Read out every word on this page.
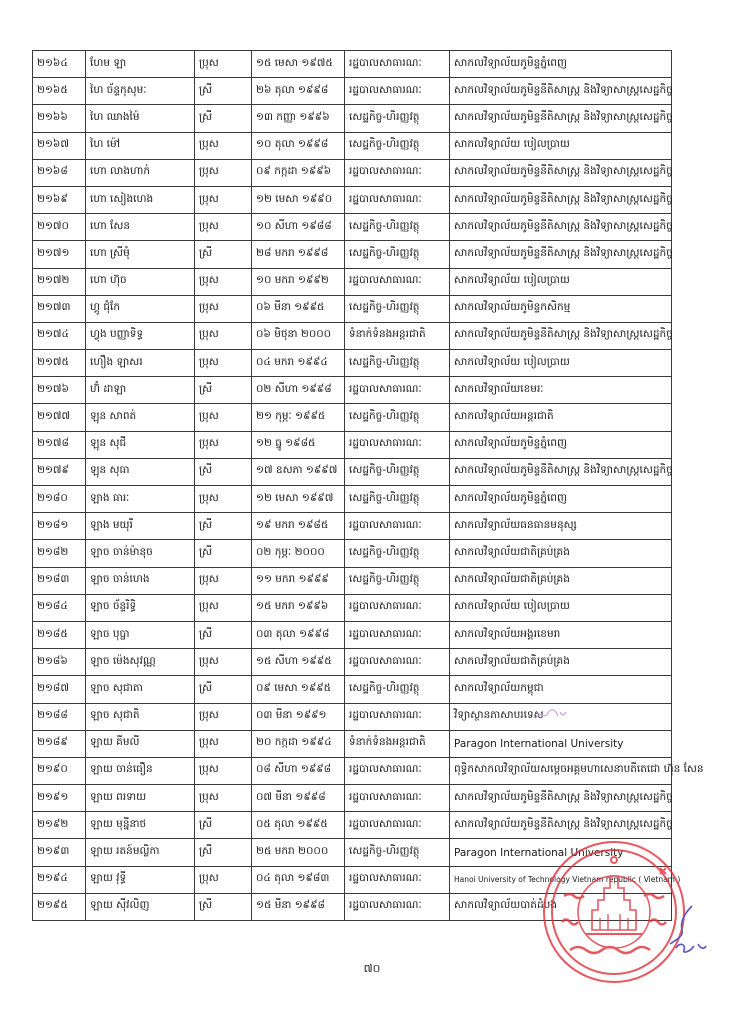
២១៦៤	ហែម ឡា	ប្រុស	១៥ មេសា ១៩៧៥	រដ្ឋបាលសាធារណៈ	សាកលវិទ្យាល័យភូមិន្ទភ្នំពេញ
២១៦៥	ហៃ ច័ន្ទកុសុមៈ	ស្រី	២៦ តុលា ១៩៩៨	រដ្ឋបាលសាធារណៈ	សាកលវិទ្យាល័យភូមិន្ទនីតិសាស្ត្រ និងវិទ្យាសាស្ត្រសេដ្ឋកិច្ច
២១៦៦	ហៃ ឈាងម៉ៃ	ស្រី	១៣ កញ្ញា ១៩៩៦	សេដ្ឋកិច្ច-ហិរញ្ញវត្ថុ	សាកលវិទ្យាល័យភូមិន្ទនីតិសាស្ត្រ និងវិទ្យាសាស្ត្រសេដ្ឋកិច្ច
២១៦៧	ហៃ ម៉ៅ	ប្រុស	១០ តុលា ១៩៩៨	សេដ្ឋកិច្ច-ហិរញ្ញវត្ថុ	សាកលវិទ្យាល័យ បៀលប្រាយ
២១៦៨	ហោ លាងហាក់	ប្រុស	០៩ កក្កដា ១៩៩៦	រដ្ឋបាលសាធារណៈ	សាកលវិទ្យាល័យភូមិន្ទនីតិសាស្ត្រ និងវិទ្យាសាស្ត្រសេដ្ឋកិច្ច
២១៦៩	ហោ សៀងហេង	ប្រុស	១២ មេសា ១៩៩០	រដ្ឋបាលសាធារណៈ	សាកលវិទ្យាល័យភូមិន្ទនីតិសាស្ត្រ និងវិទ្យាសាស្ត្រសេដ្ឋកិច្ច
២១៧០	ហោ សែន	ប្រុស	១០ សីហា ១៩៨៨	សេដ្ឋកិច្ច-ហិរញ្ញវត្ថុ	សាកលវិទ្យាល័យភូមិន្ទនីតិសាស្ត្រ និងវិទ្យាសាស្ត្រសេដ្ឋកិច្ច
២១៧១	ហោ ស្រីមុំ	ស្រី	២៨ មករា ១៩៩៨	សេដ្ឋកិច្ច-ហិរញ្ញវត្ថុ	សាកលវិទ្យាល័យភូមិន្ទនីតិសាស្ត្រ និងវិទ្យាសាស្ត្រសេដ្ឋកិច្ច
២១៧២	ហោ ហ៊ុច	ប្រុស	១០ មករា ១៩៩២	រដ្ឋបាលសាធារណៈ	សាកលវិទ្យាល័យ បៀលប្រាយ
២១៧៣	ហ្គូ ជុំកែ	ប្រុស	០៦ មីនា ១៩៩៥	សេដ្ឋកិច្ច-ហិរញ្ញវត្ថុ	សាកលវិទ្យាល័យភូមិន្ទកសិកម្ម
២១៧៤	ហ្វុង បញ្ញាទិទ្ធ	ប្រុស	០៦ មិថុនា ២០០០	ទំនាក់ទំនងអន្តរជាតិ	សាកលវិទ្យាល័យភូមិន្ទនីតិសាស្ត្រ និងវិទ្យាសាស្ត្រសេដ្ឋកិច្ច
២១៧៥	ហឿង ឡាសរ	ប្រុស	០៤ មករា ១៩៩៤	សេដ្ឋកិច្ច-ហិរញ្ញវត្ថុ	សាកលវិទ្យាល័យ បៀលប្រាយ
២១៧៦	ហ៊ំ ដាឡា	ស្រី	០២ សីហា ១៩៩៨	រដ្ឋបាលសាធារណៈ	សាកលវិទ្យាល័យខេមរៈ
២១៧៧	ឡុន សាពត់	ប្រុស	២១ កុម្ភៈ ១៩៩៥	សេដ្ឋកិច្ច-ហិរញ្ញវត្ថុ	សាកលវិទ្យាល័យអន្តរជាតិ
២១៧៨	ឡុន សុជី	ប្រុស	១២ ធ្នូ ១៩៨៥	រដ្ឋបាលសាធារណៈ	សាកលវិទ្យាល័យភូមិន្ទភ្នំពេញ
២១៧៩	ឡុន សុធា	ស្រី	១៧ ឧសភា ១៩៩៧	សេដ្ឋកិច្ច-ហិរញ្ញវត្ថុ	សាកលវិទ្យាល័យភូមិន្ទនីតិសាស្ត្រ និងវិទ្យាសាស្ត្រសេដ្ឋកិច្ច
២១៨០	ឡាង ធារៈ	ប្រុស	១២ មេសា ១៩៩៧	សេដ្ឋកិច្ច-ហិរញ្ញវត្ថុ	សាកលវិទ្យាល័យភូមិន្ទភ្នំពេញ
២១៨១	ឡាង មយុរី	ស្រី	១៩ មករា ១៩៨៥	រដ្ឋបាលសាធារណៈ	សាកលវិទ្យាល័យធនធានមនុស្ស
២១៨២	ឡាច ចាន់ម៉ានុច	ស្រី	០២ កុម្ភៈ ២០០០	សេដ្ឋកិច្ច-ហិរញ្ញវត្ថុ	សាកលវិទ្យាល័យជាតិគ្រប់គ្រង
២១៨៣	ឡាច ចាន់ហេង	ប្រុស	១១ មករា ១៩៩៩	សេដ្ឋកិច្ច-ហិរញ្ញវត្ថុ	សាកលវិទ្យាល័យជាតិគ្រប់គ្រង
២១៨៤	ឡាច ច័ន្ទរិទ្ធិ	ប្រុស	១៥ មករា ១៩៩៦	រដ្ឋបាលសាធារណៈ	សាកលវិទ្យាល័យ បៀលប្រាយ
២១៨៥	ឡាច បុប្ផា	ស្រី	០៣ តុលា ១៩៩៨	រដ្ឋបាលសាធារណៈ	សាកលវិទ្យាល័យអង្គរខេមរា
២១៨៦	ឡាច ម៉េងសុវណ្ណ	ប្រុស	១៥ សីហា ១៩៩៥	រដ្ឋបាលសាធារណៈ	សាកលវិទ្យាល័យជាតិគ្រប់គ្រង
២១៨៧	ឡាច សុជាតា	ស្រី	០៩ មេសា ១៩៩៥	សេដ្ឋកិច្ច-ហិរញ្ញវត្ថុ	សាកលវិទ្យាល័យកម្ពុជា
២១៨៨	ឡាច សុជាតិ	ប្រុស	០៣ មីនា ១៩៩១	រដ្ឋបាលសាធារណៈ	វិទ្យាស្ថានភាសាបរទេស
២១៨៩	ឡាយ គីមលី	ប្រុស	២០ កក្កដា ១៩៩៤	ទំនាក់ទំនងអន្តរជាតិ	Paragon International University
២១៩០	ឡាយ ចាន់ធឿន	ប្រុស	០៨ សីហា ១៩៩៨	រដ្ឋបាលសាធារណៈ	ពុទ្ធិកសាកលវិទ្យាល័យសម្តេចអគ្គមហាសេនាបតីតេជោ ហ៊ុន សែន
២១៩១	ឡាយ ពរទាយ	ប្រុស	០៧ មីនា ១៩៩៨	រដ្ឋបាលសាធារណៈ	សាកលវិទ្យាល័យភូមិន្ទនីតិសាស្ត្រ និងវិទ្យាសាស្ត្រសេដ្ឋកិច្ច
២១៩២	ឡាយ មុន្នីនាថ	ស្រី	០៥ តុលា ១៩៩៥	រដ្ឋបាលសាធារណៈ	សាកលវិទ្យាល័យភូមិន្ទនីតិសាស្ត្រ និងវិទ្យាសាស្ត្រសេដ្ឋកិច្ច
២១៩៣	ឡាយ រតន៍មល្លិកា	ស្រី	២៥ មករា ២០០០	សេដ្ឋកិច្ច-ហិរញ្ញវត្ថុ	Paragon International University
២១៩៤	ឡាយ វុទ្ធី	ប្រុស	០៤ តុលា ១៩៨៣	រដ្ឋបាលសាធារណៈ	Hanoi University of Technology Vietnam republic ( Vietnam )
២១៩៥	ឡាយ ស៊ីវលិញ	ស្រី	១៥ មីនា ១៩៩៨	រដ្ឋបាលសាធារណៈ	សាកលវិទ្យាល័យបាត់ដំបង
៧០
